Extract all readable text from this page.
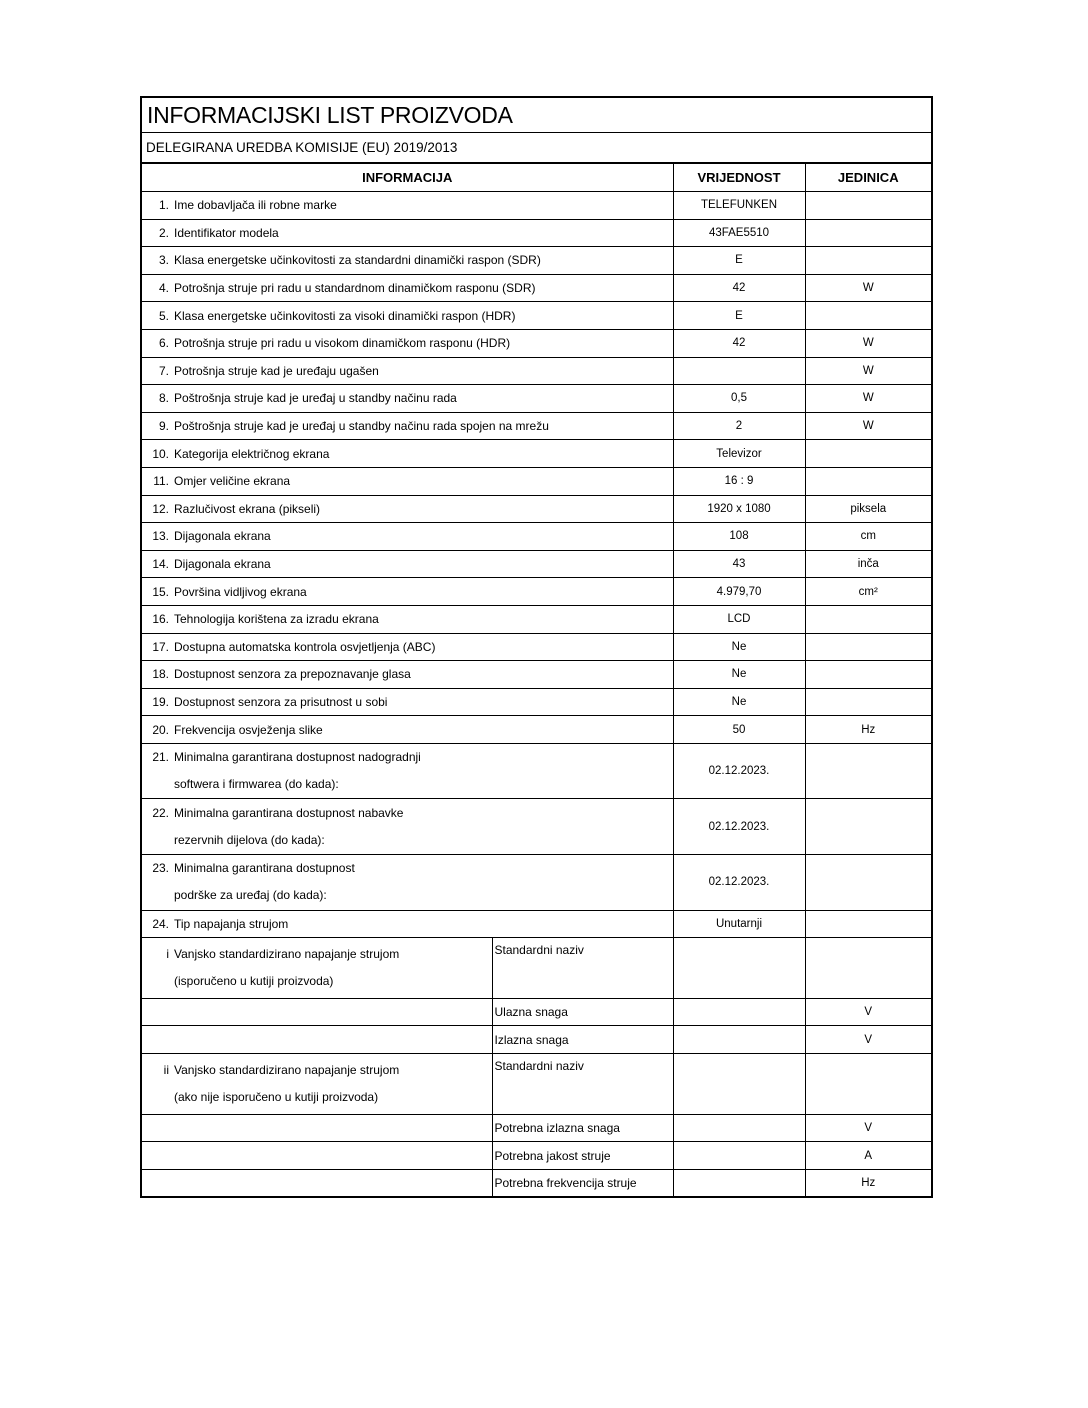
INFORMACIJSKI LIST PROIZVODA
DELEGIRANA UREDBA KOMISIJE (EU) 2019/2013
INFORMACIJA		VRIJEDNOST	JEDINICA

1. Ime dobavljača ili robne marke		TELEFUNKEN	

2. Identifikator modela		43FAE5510	

3. Klasa energetske učinkovitosti za standardni dinamički raspon (SDR)		E	

4. Potrošnja struje pri radu u standardnom dinamičkom rasponu (SDR)		42	W

5. Klasa energetske učinkovitosti za visoki dinamički raspon (HDR)		E	

6. Potrošnja struje pri radu u visokom dinamičkom rasponu (HDR)		42	W

7. Potrošnja struje kad je uređaju ugašen			W

8. Poštrošnja struje kad je uređaj u standby načinu rada		0,5	W

9. Poštrošnja struje kad je uređaj u standby načinu rada spojen na mrežu		2	W

10. Kategorija električnog ekrana		Televizor	

11. Omjer veličine ekrana		16 : 9	

12. Razlučivost ekrana (pikseli)		1920 x 1080	piksela

13. Dijagonala ekrana		108	cm

14. Dijagonala ekrana		43	inča

15. Površina vidljivog ekrana		4.979,70	cm²

16. Tehnologija korištena za izradu ekrana		LCD	

17. Dostupna automatska kontrola osvjetljenja (ABC)		Ne	

18. Dostupnost senzora za prepoznavanje glasa		Ne	

19. Dostupnost senzora za prisutnost u sobi		Ne	

20. Frekvencija osvježenja slike		50	Hz

21. Minimalna garantirana dostupnost nadogradnji
softwera i firmwarea (do kada):		02.12.2023.	

22. Minimalna garantirana dostupnost nabavke
rezervnih dijelova (do kada):		02.12.2023.	

23. Minimalna garantirana dostupnost
podrške za uređaj (do kada):		02.12.2023.	

24. Tip napajanja strujom		Unutarnji	

i Vanjsko standardizirano napajanje strujom
(isporučeno u kutiji proizvoda)	Standardni naziv		
	Ulazna snaga		V
	Izlazna snaga		V

ii Vanjsko standardizirano napajanje strujom
(ako nije isporučeno u kutiji proizvoda)	Standardni naziv		
	Potrebna izlazna snaga		V
	Potrebna jakost struje		A
	Potrebna frekvencija struje		Hz
